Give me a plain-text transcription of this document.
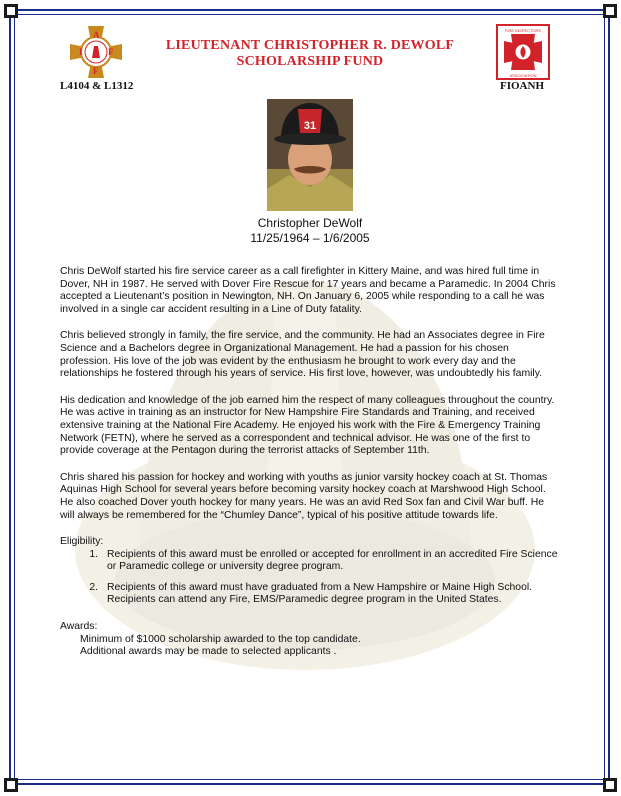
I
A
F
F
LIEUTENANT CHRISTOPHER R. DEWOLF
SCHOLARSHIP FUND
FIRE INSPECTORS
ASSOCIATION
L4104 & L1312	FIOANH
31
Christopher DeWolf
11/25/1964 – 1/6/2005

Chris DeWolf started his fire service career as a call firefighter in Kittery Maine, and was hired full time in Dover, NH in 1987. He served with Dover Fire Rescue for 17 years and became a Paramedic. In 2004 Chris accepted a Lieutenant’s position in Newington, NH. On January 6, 2005 while responding to a call he was involved in a single car accident resulting in a Line of Duty fatality.

Chris believed strongly in family, the fire service, and the community. He had an Associates degree in Fire Science and a Bachelors degree in Organizational Management. He had a passion for his chosen profession. His love of the job was evident by the enthusiasm he brought to work every day and the relationships he fostered through his years of service. His first love, however, was undoubtedly his family.

His dedication and knowledge of the job earned him the respect of many colleagues throughout the country. He was active in training as an instructor for New Hampshire Fire Standards and Training, and received extensive training at the National Fire Academy. He enjoyed his work with the Fire & Emergency Training Network (FETN), where he served as a correspondent and technical advisor. He was one of the first to provide coverage at the Pentagon during the terrorist attacks of September 11th.

Chris shared his passion for hockey and working with youths as junior varsity hockey coach at St. Thomas Aquinas High School for several years before becoming varsity hockey coach at Marshwood High School. He also coached Dover youth hockey for many years. He was an avid Red Sox fan and Civil War buff. He will always be remembered for the “Chumley Dance”, typical of his positive attitude towards life.

Eligibility:
1. Recipients of this award must be enrolled or accepted for enrollment in an accredited Fire Science or Paramedic college or university degree program.
2. Recipients of this award must have graduated from a New Hampshire or Maine High School. Recipients can attend any Fire, EMS/Paramedic degree program in the United States.
Awards:
Minimum of $1000 scholarship awarded to the top candidate.
Additional awards may be made to selected applicants .
